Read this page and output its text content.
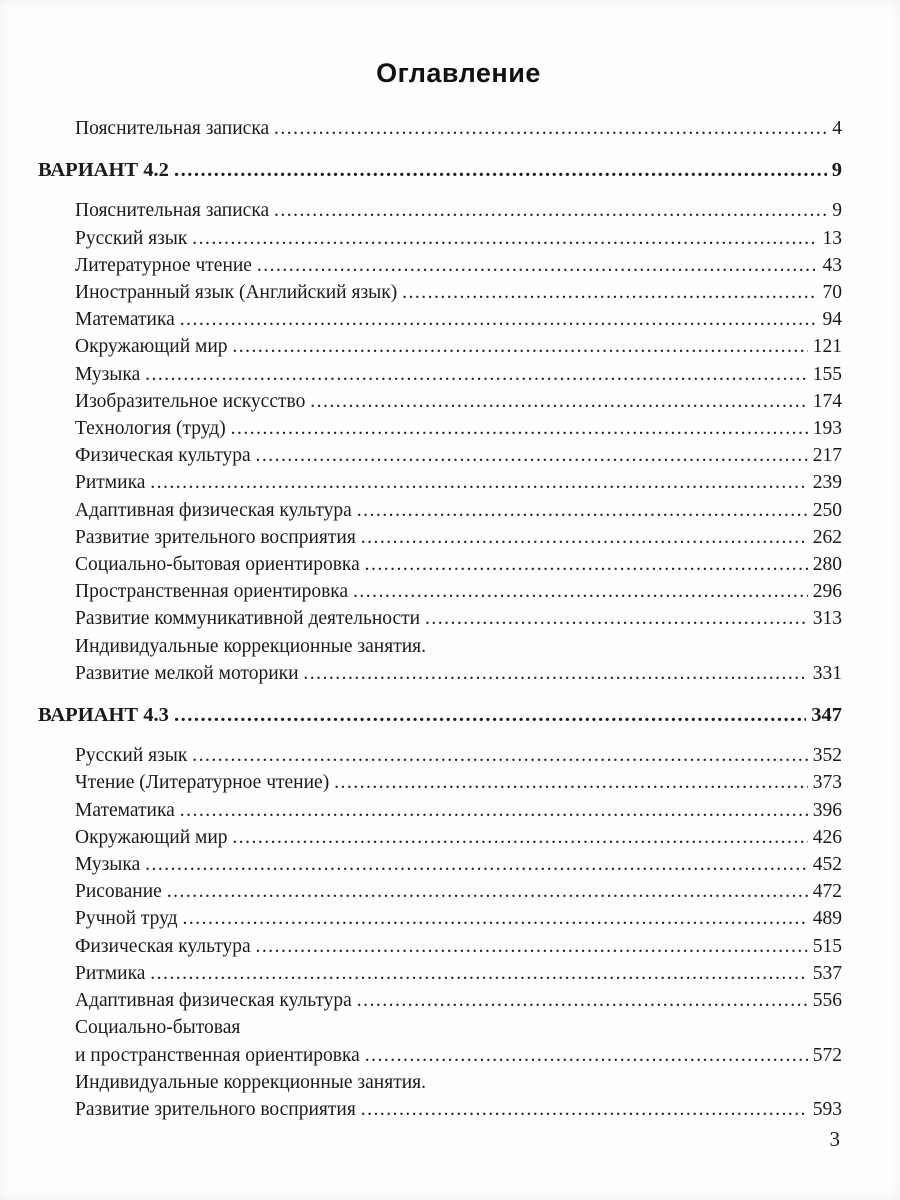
Оглавление
Пояснительная записка .....	4
ВАРИАНТ 4.2 .....	9
Пояснительная записка .....	9
Русский язык .....	13
Литературное чтение .....	43
Иностранный язык (Английский язык) .....	70
Математика .....	94
Окружающий мир .....	121
Музыка .....	155
Изобразительное искусство .....	174
Технология (труд) .....	193
Физическая культура .....	217
Ритмика .....	239
Адаптивная физическая культура .....	250
Развитие зрительного восприятия .....	262
Социально-бытовая ориентировка .....	280
Пространственная ориентировка .....	296
Развитие коммуникативной деятельности .....	313
Индивидуальные коррекционные занятия.
Развитие мелкой моторики .....	331
ВАРИАНТ 4.3 .....	347
Русский язык .....	352
Чтение (Литературное чтение) .....	373
Математика .....	396
Окружающий мир .....	426
Музыка .....	452
Рисование .....	472
Ручной труд .....	489
Физическая культура .....	515
Ритмика .....	537
Адаптивная физическая культура .....	556
Социально-бытовая
и пространственная ориентировка .....	572
Индивидуальные коррекционные занятия.
Развитие зрительного восприятия .....	593
3
